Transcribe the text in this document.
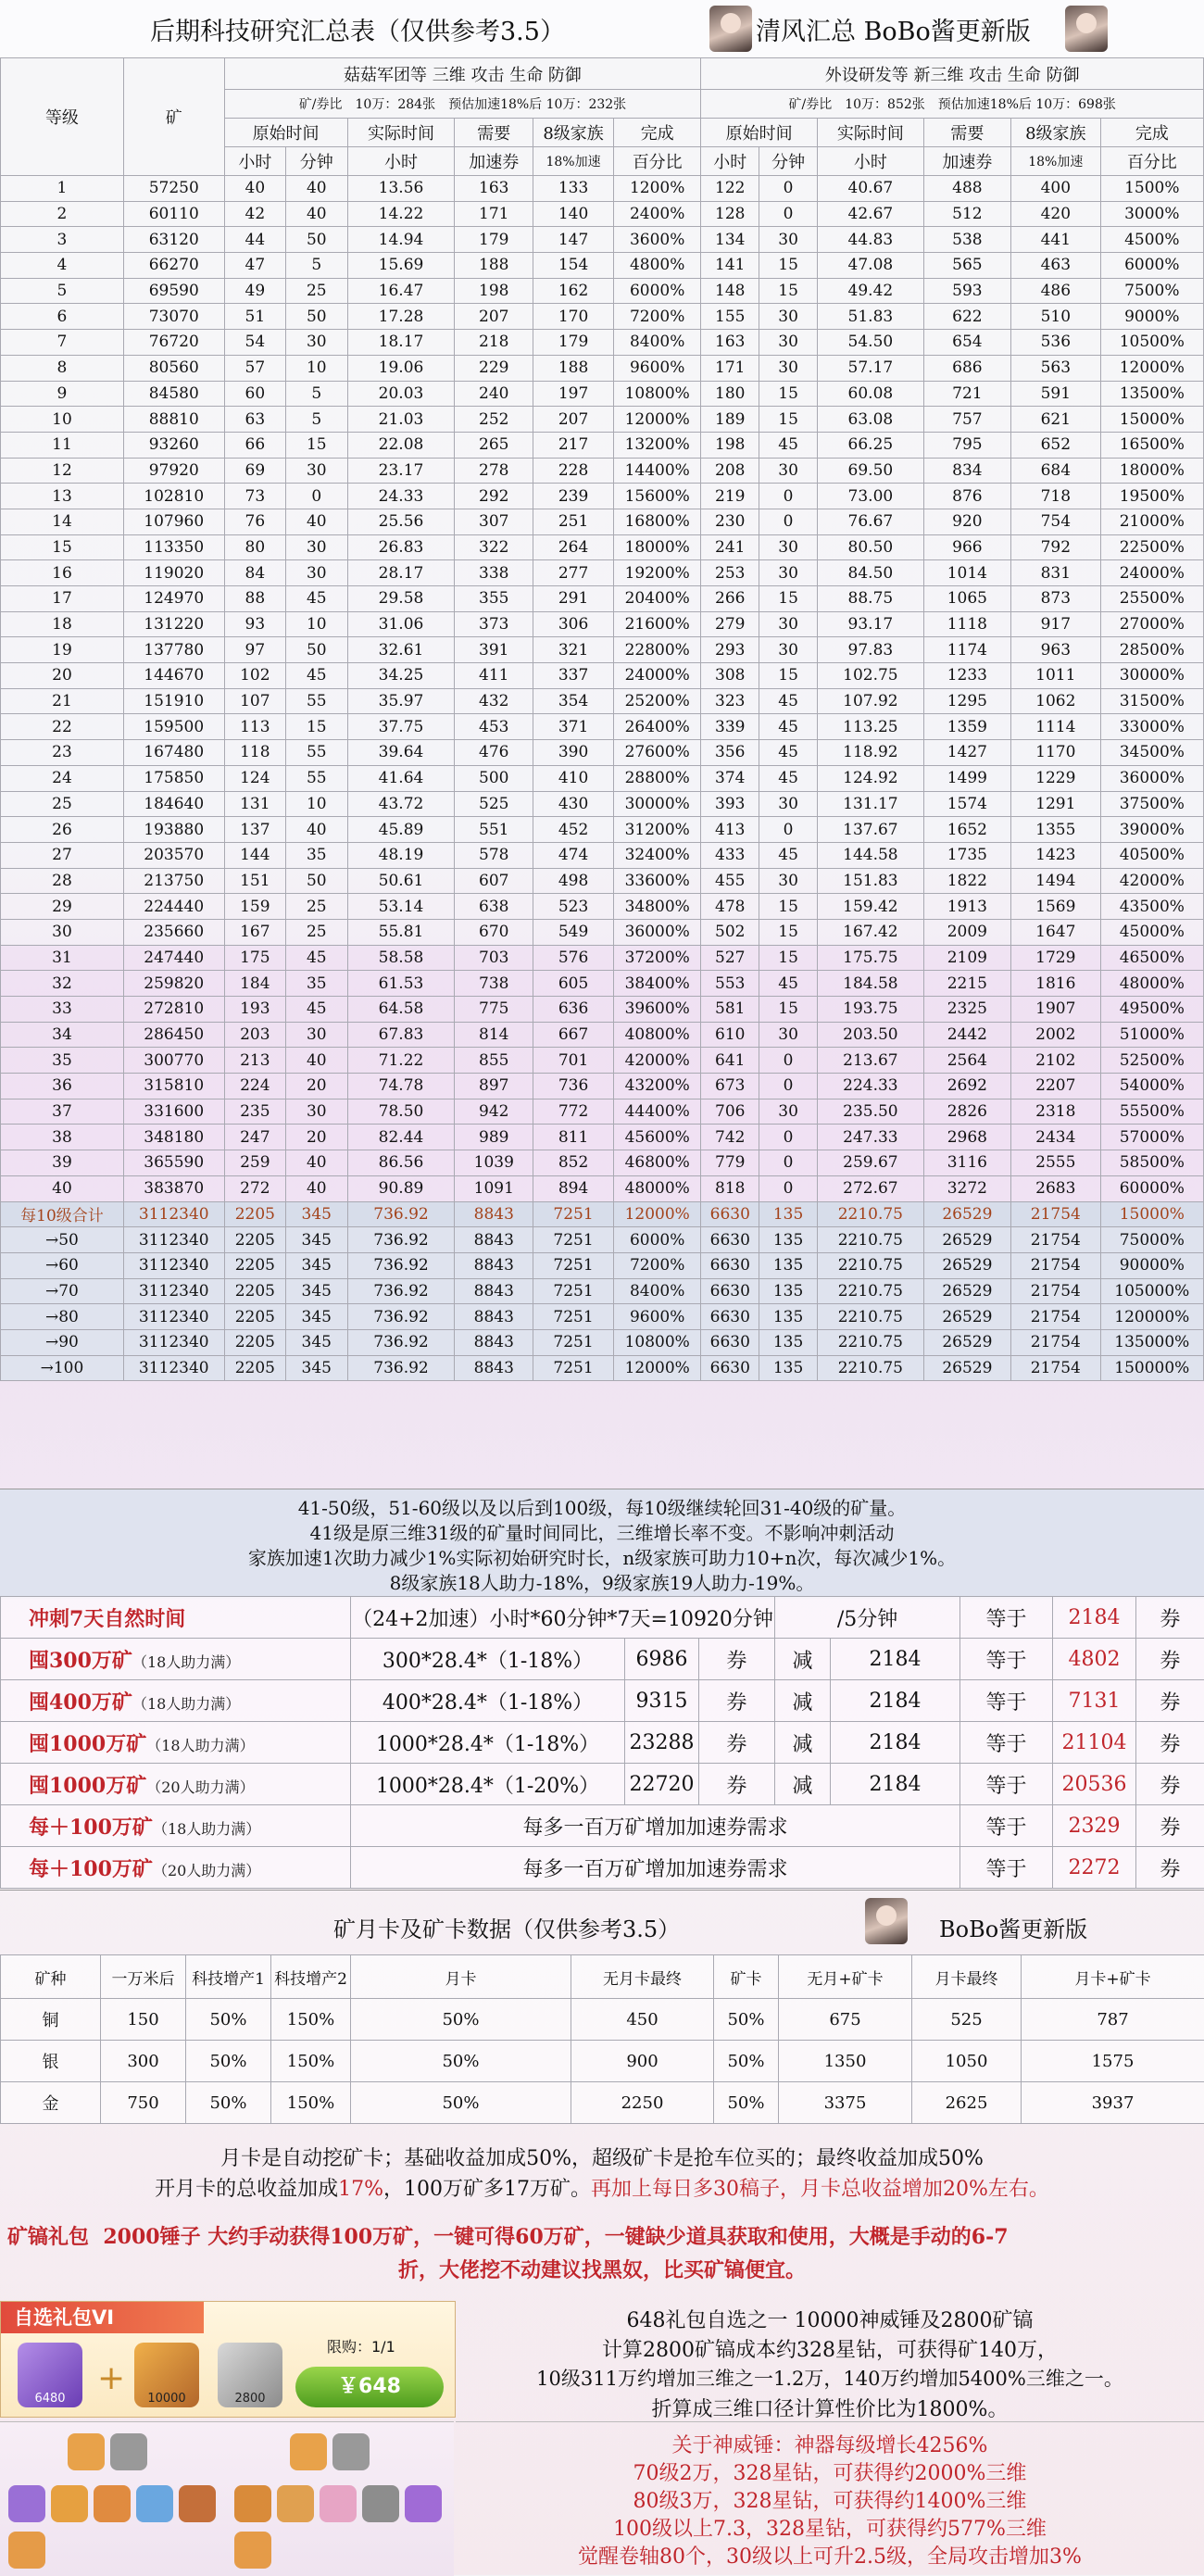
后期科技研究汇总表（仅供参考3.5）	清风汇总 BoBo酱更新版
等级	矿	菇菇军团等 三维 攻击 生命 防御						外设研发等 新三维 攻击 生命 防御					
		矿/券比　10万：284张　预估加速18%后 10万：232张						矿/券比　10万：852张　预估加速18%后 10万：698张					
		原始时间		实际时间	需要	8级家族	完成	原始时间		实际时间	需要	8级家族	完成
		小时	分钟	小时	加速券	18%加速	百分比	小时	分钟	小时	加速券	18%加速	百分比
1	57250	40	40	13.56	163	133	1200%	122	0	40.67	488	400	1500%
2	60110	42	40	14.22	171	140	2400%	128	0	42.67	512	420	3000%
3	63120	44	50	14.94	179	147	3600%	134	30	44.83	538	441	4500%
4	66270	47	5	15.69	188	154	4800%	141	15	47.08	565	463	6000%
5	69590	49	25	16.47	198	162	6000%	148	15	49.42	593	486	7500%
6	73070	51	50	17.28	207	170	7200%	155	30	51.83	622	510	9000%
7	76720	54	30	18.17	218	179	8400%	163	30	54.50	654	536	10500%
8	80560	57	10	19.06	229	188	9600%	171	30	57.17	686	563	12000%
9	84580	60	5	20.03	240	197	10800%	180	15	60.08	721	591	13500%
10	88810	63	5	21.03	252	207	12000%	189	15	63.08	757	621	15000%
11	93260	66	15	22.08	265	217	13200%	198	45	66.25	795	652	16500%
12	97920	69	30	23.17	278	228	14400%	208	30	69.50	834	684	18000%
13	102810	73	0	24.33	292	239	15600%	219	0	73.00	876	718	19500%
14	107960	76	40	25.56	307	251	16800%	230	0	76.67	920	754	21000%
15	113350	80	30	26.83	322	264	18000%	241	30	80.50	966	792	22500%
16	119020	84	30	28.17	338	277	19200%	253	30	84.50	1014	831	24000%
17	124970	88	45	29.58	355	291	20400%	266	15	88.75	1065	873	25500%
18	131220	93	10	31.06	373	306	21600%	279	30	93.17	1118	917	27000%
19	137780	97	50	32.61	391	321	22800%	293	30	97.83	1174	963	28500%
20	144670	102	45	34.25	411	337	24000%	308	15	102.75	1233	1011	30000%
21	151910	107	55	35.97	432	354	25200%	323	45	107.92	1295	1062	31500%
22	159500	113	15	37.75	453	371	26400%	339	45	113.25	1359	1114	33000%
23	167480	118	55	39.64	476	390	27600%	356	45	118.92	1427	1170	34500%
24	175850	124	55	41.64	500	410	28800%	374	45	124.92	1499	1229	36000%
25	184640	131	10	43.72	525	430	30000%	393	30	131.17	1574	1291	37500%
26	193880	137	40	45.89	551	452	31200%	413	0	137.67	1652	1355	39000%
27	203570	144	35	48.19	578	474	32400%	433	45	144.58	1735	1423	40500%
28	213750	151	50	50.61	607	498	33600%	455	30	151.83	1822	1494	42000%
29	224440	159	25	53.14	638	523	34800%	478	15	159.42	1913	1569	43500%
30	235660	167	25	55.81	670	549	36000%	502	15	167.42	2009	1647	45000%
31	247440	175	45	58.58	703	576	37200%	527	15	175.75	2109	1729	46500%
32	259820	184	35	61.53	738	605	38400%	553	45	184.58	2215	1816	48000%
33	272810	193	45	64.58	775	636	39600%	581	15	193.75	2325	1907	49500%
34	286450	203	30	67.83	814	667	40800%	610	30	203.50	2442	2002	51000%
35	300770	213	40	71.22	855	701	42000%	641	0	213.67	2564	2102	52500%
36	315810	224	20	74.78	897	736	43200%	673	0	224.33	2692	2207	54000%
37	331600	235	30	78.50	942	772	44400%	706	30	235.50	2826	2318	55500%
38	348180	247	20	82.44	989	811	45600%	742	0	247.33	2968	2434	57000%
39	365590	259	40	86.56	1039	852	46800%	779	0	259.67	3116	2555	58500%
40	383870	272	40	90.89	1091	894	48000%	818	0	272.67	3272	2683	60000%
每10级合计	3112340	2205	345	736.92	8843	7251	12000%	6630	135	2210.75	26529	21754	15000%
→50	3112340	2205	345	736.92	8843	7251	6000%	6630	135	2210.75	26529	21754	75000%
→60	3112340	2205	345	736.92	8843	7251	7200%	6630	135	2210.75	26529	21754	90000%
→70	3112340	2205	345	736.92	8843	7251	8400%	6630	135	2210.75	26529	21754	105000%
→80	3112340	2205	345	736.92	8843	7251	9600%	6630	135	2210.75	26529	21754	120000%
→90	3112340	2205	345	736.92	8843	7251	10800%	6630	135	2210.75	26529	21754	135000%
→100	3112340	2205	345	736.92	8843	7251	12000%	6630	135	2210.75	26529	21754	150000%
41-50级，51-60级以及以后到100级，每10级继续轮回31-40级的矿量。
41级是原三维31级的矿量时间同比，三维增长率不变。不影响冲刺活动
家族加速1次助力减少1%实际初始研究时长，n级家族可助力10+n次，每次减少1%。
8级家族18人助力-18%，9级家族19人助力-19%。
冲刺7天自然时间	（24+2加速）小时*60分钟*7天=10920分钟			/5分钟		等于	2184	券
囤300万矿（18人助力满）	300*28.4*（1-18%）	6986	券	减	2184	等于	4802	券
囤400万矿（18人助力满）	400*28.4*（1-18%）	9315	券	减	2184	等于	7131	券
囤1000万矿（18人助力满）	1000*28.4*（1-18%）	23288	券	减	2184	等于	21104	券
囤1000万矿（20人助力满）	1000*28.4*（1-20%）	22720	券	减	2184	等于	20536	券
每＋100万矿（18人助力满）	每多一百万矿增加加速券需求					等于	2329	券
每＋100万矿（20人助力满）	每多一百万矿增加加速券需求					等于	2272	券
矿月卡及矿卡数据（仅供参考3.5）	BoBo酱更新版
矿种	一万米后	科技增产1	科技增产2	月卡	无月卡最终	矿卡	无月+矿卡	月卡最终	月卡+矿卡
铜	150	50%	150%	50%	450	50%	675	525	787
银	300	50%	150%	50%	900	50%	1350	1050	1575
金	750	50%	150%	50%	2250	50%	3375	2625	3937
月卡是自动挖矿卡；基础收益加成50%，超级矿卡是抢车位买的；最终收益加成50%
开月卡的总收益加成17%，100万矿多17万矿。再加上每日多30稿子，月卡总收益增加20%左右。
矿镐礼包 2000锤子 大约手动获得100万矿，一键可得60万矿，一键缺少道具获取和使用，大概是手动的6-7
折，大佬挖不动建议找黑奴，比买矿镐便宜。
自选礼包VI
6480
+
10000	2800
限购：1/1
￥648
648礼包自选之一 10000神威锤及2800矿镐
计算2800矿镐成本约328星钻，可获得矿140万，
10级311万约增加三维之一1.2万，140万约增加5400%三维之一。
折算成三维口径计算性价比为1800%。
关于神威锤：神器每级增长4256%
70级2万，328星钻，可获得约2000%三维
80级3万，328星钻，可获得约1400%三维
100级以上7.3，328星钻，可获得约577%三维
觉醒卷轴80个，30级以上可升2.5级，全局攻击增加3%
